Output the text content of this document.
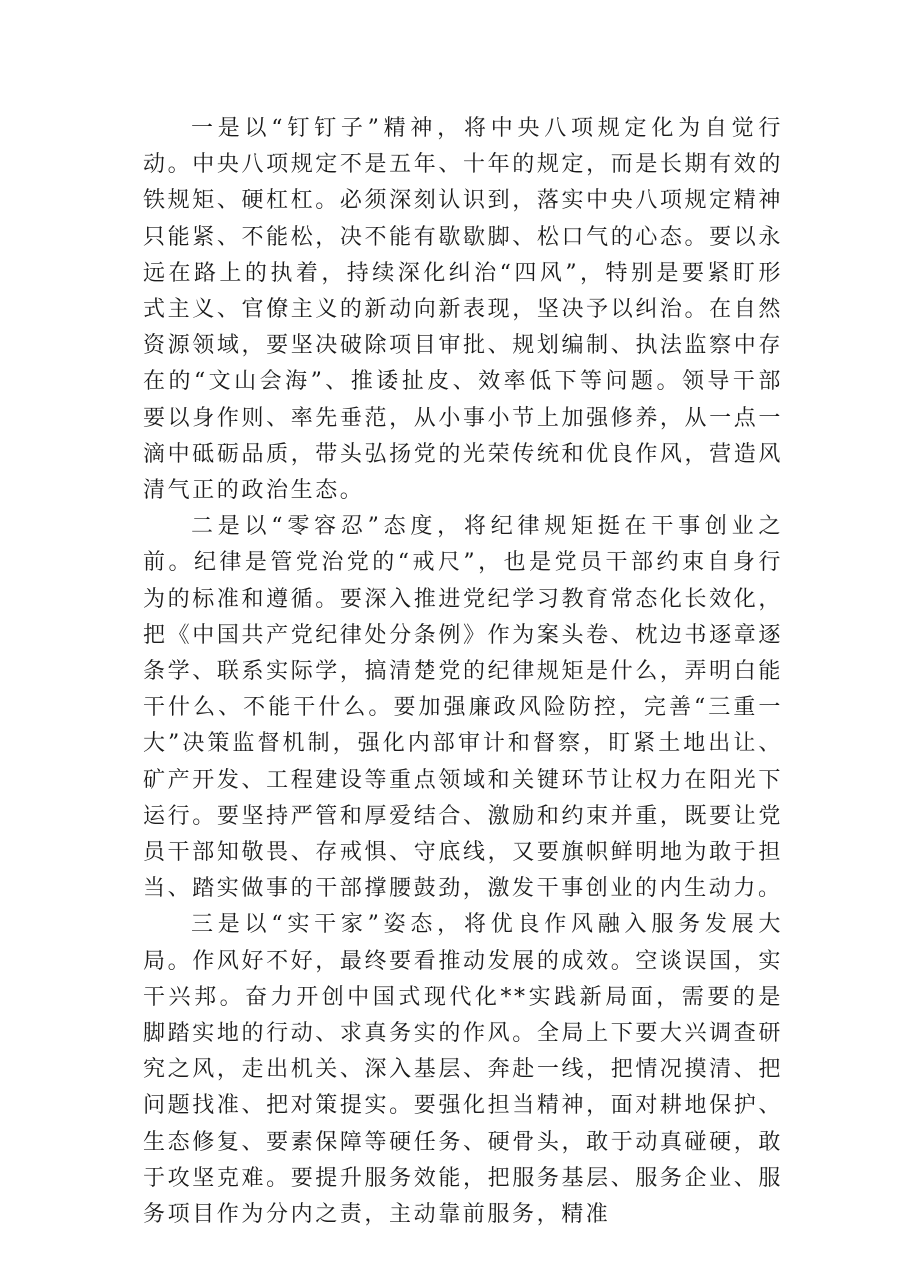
一是以“钉钉子”精神，将中央八项规定化为自觉行动。中央八项规定不是五年、十年的规定，而是长期有效的铁规矩、硬杠杠。必须深刻认识到，落实中央八项规定精神只能紧、不能松，决不能有歇歇脚、松口气的心态。要以永远在路上的执着，持续深化纠治“四风”，特别是要紧盯形式主义、官僚主义的新动向新表现，坚决予以纠治。在自然资源领域，要坚决破除项目审批、规划编制、执法监察中存在的“文山会海”、推诿扯皮、效率低下等问题。领导干部要以身作则、率先垂范，从小事小节上加强修养，从一点一滴中砥砺品质，带头弘扬党的光荣传统和优良作风，营造风清气正的政治生态。

二是以“零容忍”态度，将纪律规矩挺在干事创业之前。纪律是管党治党的“戒尺”，也是党员干部约束自身行为的标准和遵循。要深入推进党纪学习教育常态化长效化，把《中国共产党纪律处分条例》作为案头卷、枕边书逐章逐条学、联系实际学，搞清楚党的纪律规矩是什么，弄明白能干什么、不能干什么。要加强廉政风险防控，完善“三重一大”决策监督机制，强化内部审计和督察，盯紧土地出让、矿产开发、工程建设等重点领域和关键环节让权力在阳光下运行。要坚持严管和厚爱结合、激励和约束并重，既要让党员干部知敬畏、存戒惧、守底线，又要旗帜鲜明地为敢于担当、踏实做事的干部撑腰鼓劲，激发干事创业的内生动力。

三是以“实干家”姿态，将优良作风融入服务发展大局。作风好不好，最终要看推动发展的成效。空谈误国，实干兴邦。奋力开创中国式现代化**实践新局面，需要的是脚踏实地的行动、求真务实的作风。全局上下要大兴调查研究之风，走出机关、深入基层、奔赴一线，把情况摸清、把问题找准、把对策提实。要强化担当精神，面对耕地保护、生态修复、要素保障等硬任务、硬骨头，敢于动真碰硬，敢于攻坚克难。要提升服务效能，把服务基层、服务企业、服务项目作为分内之责，主动靠前服务，精准
